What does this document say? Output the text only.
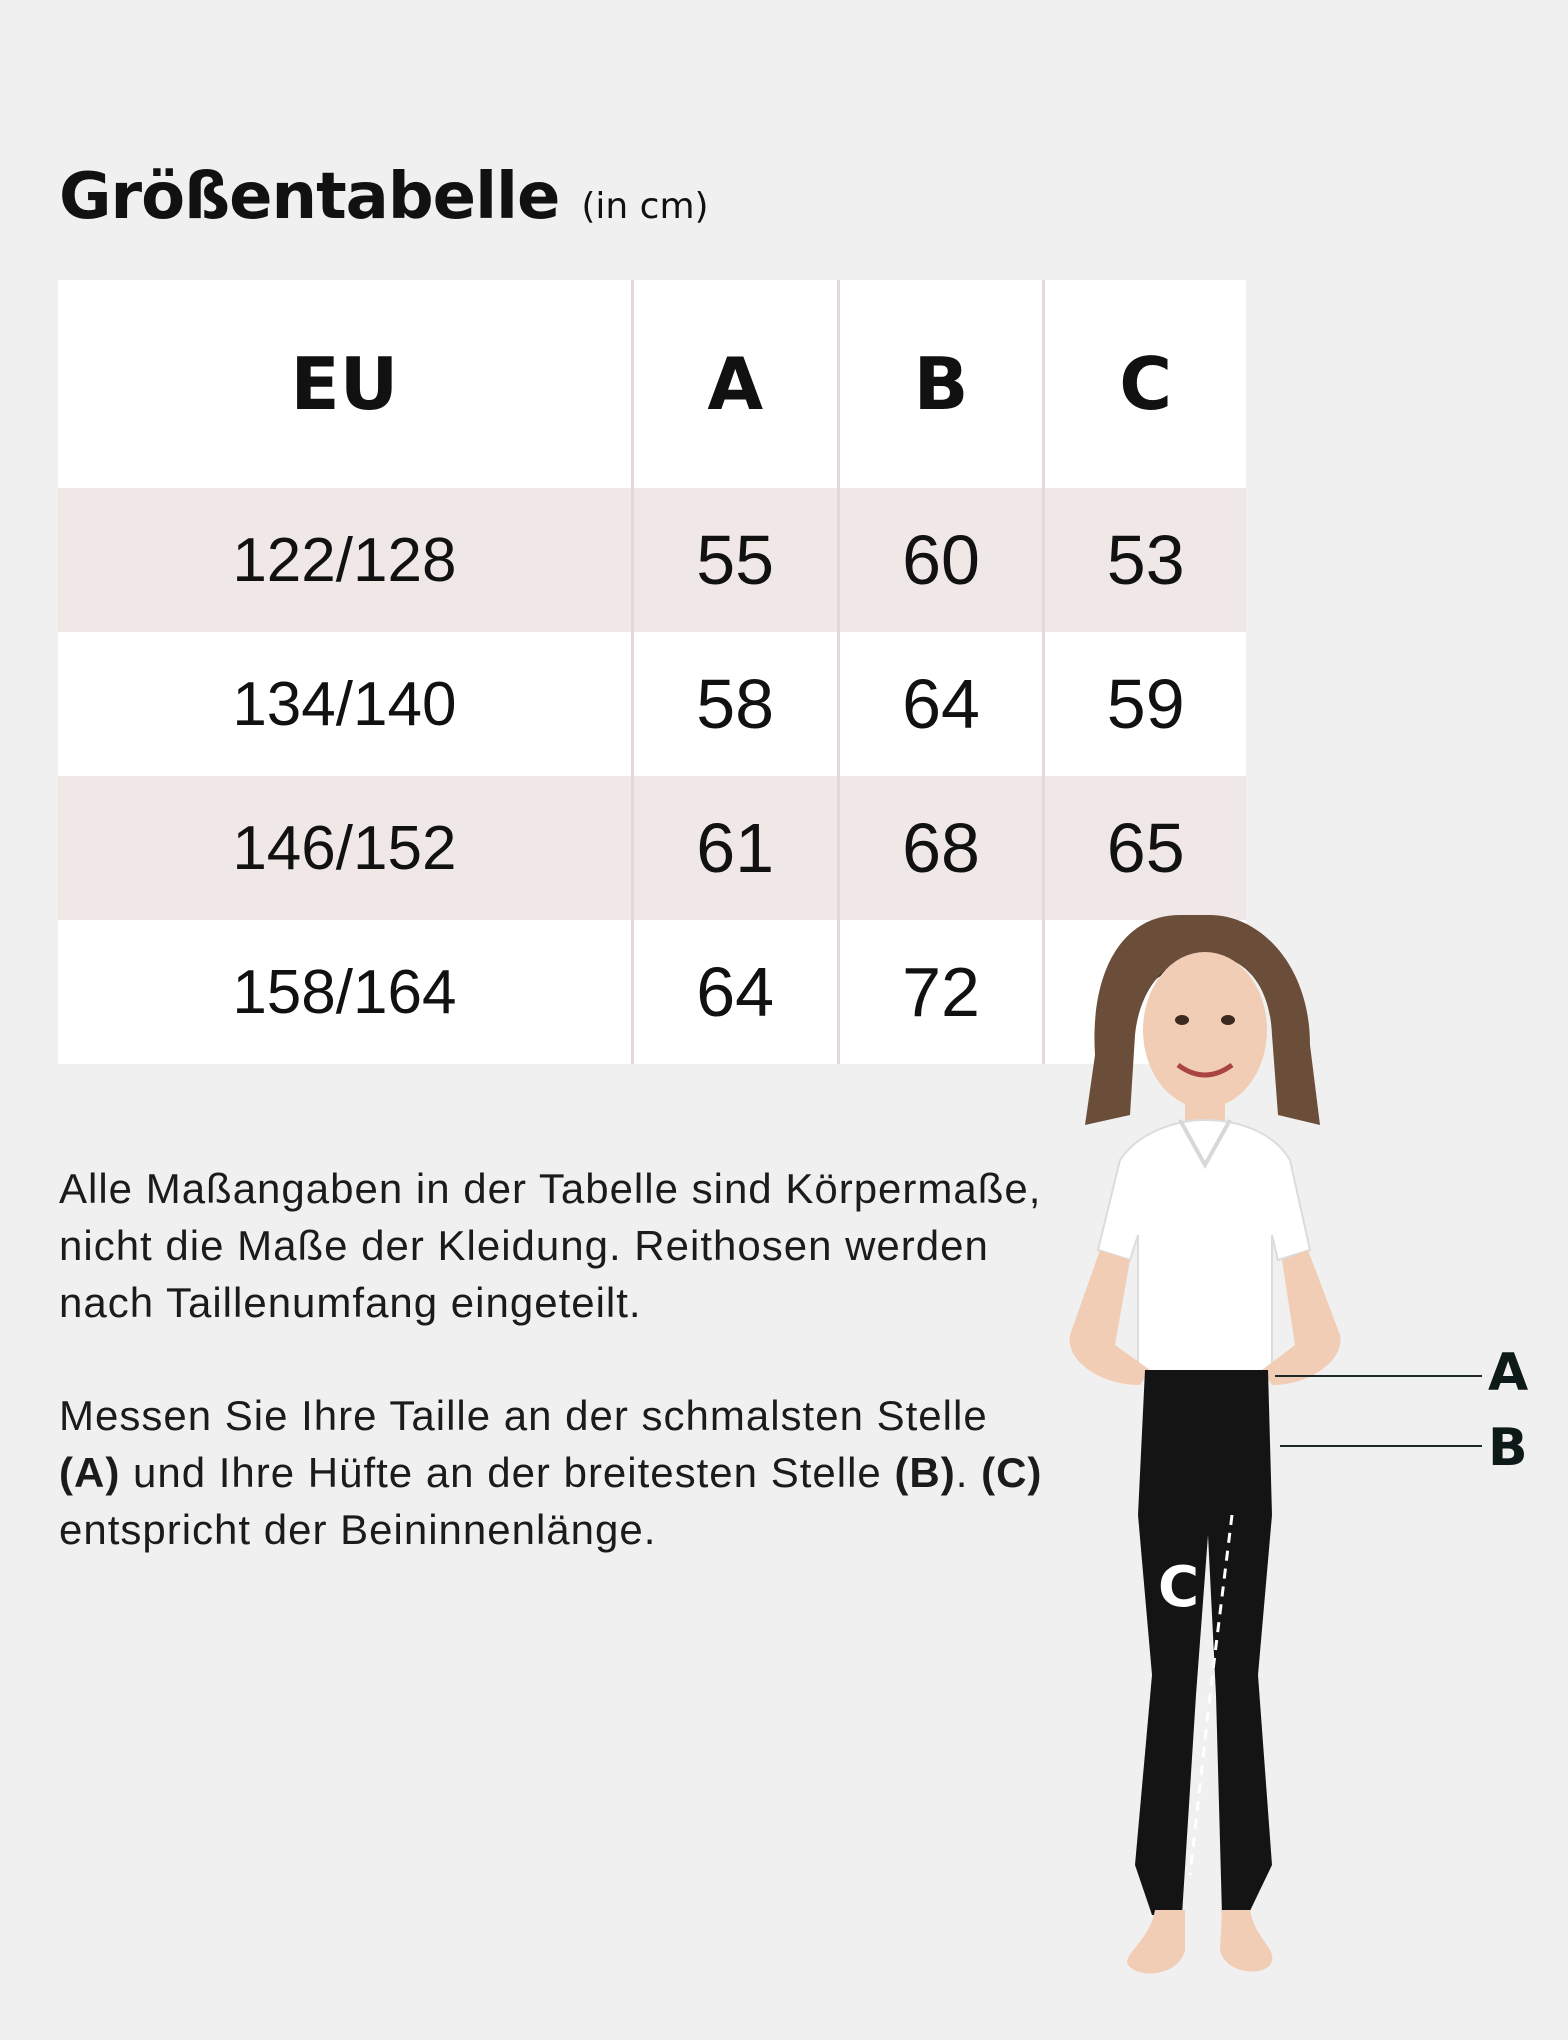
Größentabelle (in cm)
EU	A	B	C
122/128	55	60	53
134/140	58	64	59
146/152	61	68	65
158/164	64	72	

Alle Maßangaben in der Tabelle sind Körpermaße, nicht die Maße der Kleidung. Reithosen werden nach Taillenumfang eingeteilt.

Messen Sie Ihre Taille an der schmalsten Stelle (A) und Ihre Hüfte an der breitesten Stelle (B). (C) entspricht der Beininnenlänge.

A
B
C
